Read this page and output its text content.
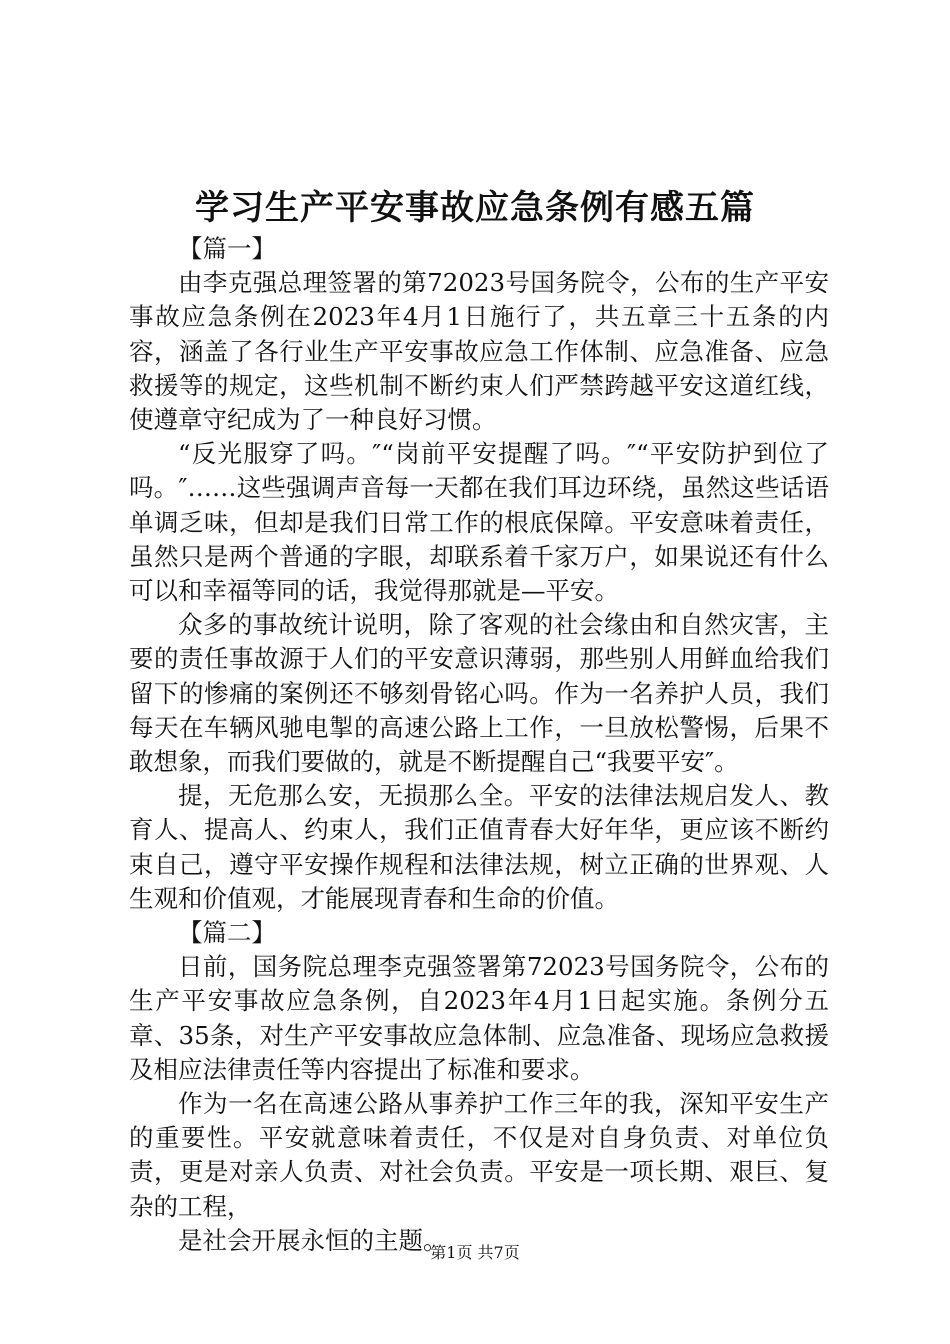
学习生产平安事故应急条例有感五篇

【篇一】

由李克强总理签署的第72023号国务院令，公布的生产平安事故应急条例在2023年4月1日施行了，共五章三十五条的内容，涵盖了各行业生产平安事故应急工作体制、应急准备、应急救援等的规定，这些机制不断约束人们严禁跨越平安这道红线，使遵章守纪成为了一种良好习惯。

“反光服穿了吗。″“岗前平安提醒了吗。″“平安防护到位了吗。″……这些强调声音每一天都在我们耳边环绕，虽然这些话语单调乏味，但却是我们日常工作的根底保障。平安意味着责任，虽然只是两个普通的字眼，却联系着千家万户，如果说还有什么可以和幸福等同的话，我觉得那就是—平安。

众多的事故统计说明，除了客观的社会缘由和自然灾害，主要的责任事故源于人们的平安意识薄弱，那些别人用鲜血给我们留下的惨痛的案例还不够刻骨铭心吗。作为一名养护人员，我们每天在车辆风驰电掣的高速公路上工作，一旦放松警惕，后果不敢想象，而我们要做的，就是不断提醒自己“我要平安″。

提，无危那么安，无损那么全。平安的法律法规启发人、教育人、提高人、约束人，我们正值青春大好年华，更应该不断约束自己，遵守平安操作规程和法律法规，树立正确的世界观、人生观和价值观，才能展现青春和生命的价值。

【篇二】

日前，国务院总理李克强签署第72023号国务院令，公布的生产平安事故应急条例，自2023年4月1日起实施。条例分五章、35条，对生产平安事故应急体制、应急准备、现场应急救援及相应法律责任等内容提出了标准和要求。

作为一名在高速公路从事养护工作三年的我，深知平安生产的重要性。平安就意味着责任，不仅是对自身负责、对单位负责，更是对亲人负责、对社会负责。平安是一项长期、艰巨、复杂的工程，

是社会开展永恒的主题。

第1页 共7页
